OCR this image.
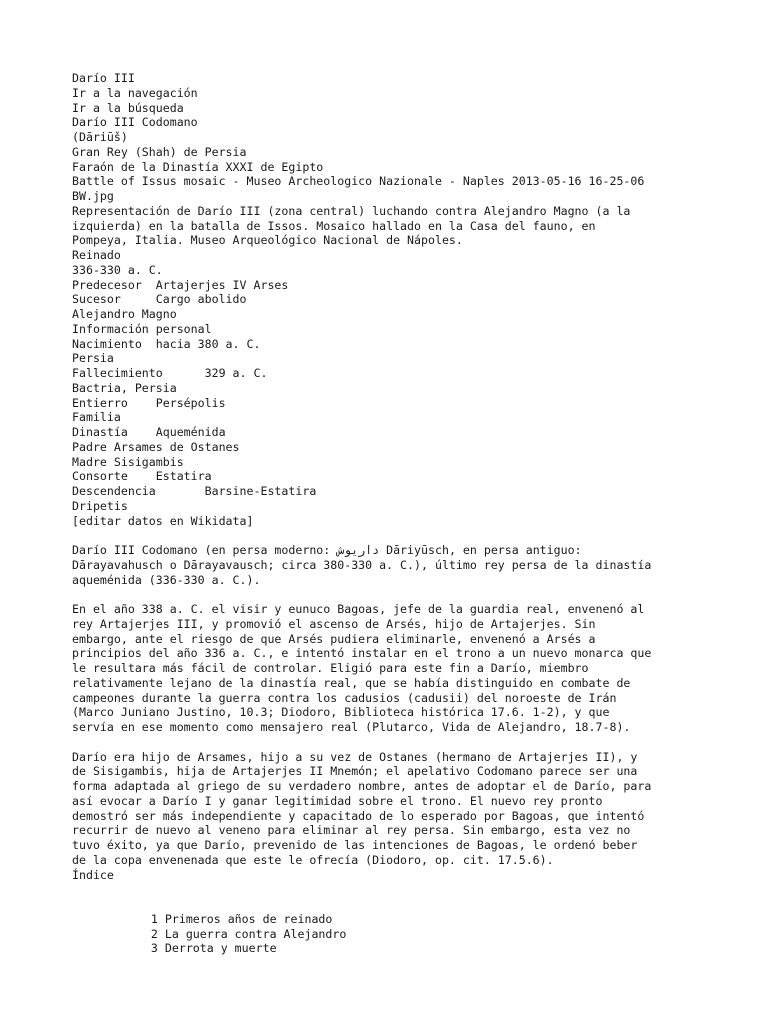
Darío III
Ir a la navegación
Ir a la búsqueda
Darío III Codomano
(Dāriūš)
Gran Rey (Shah) de Persia
Faraón de la Dinastía XXXI de Egipto
Battle of Issus mosaic - Museo Archeologico Nazionale - Naples 2013-05-16 16-25-06
BW.jpg
Representación de Darío III (zona central) luchando contra Alejandro Magno (a la
izquierda) en la batalla de Issos. Mosaico hallado en la Casa del fauno, en
Pompeya, Italia. Museo Arqueológico Nacional de Nápoles.
Reinado
336-330 a. C.
Predecesor  Artajerjes IV Arses
Sucesor     Cargo abolido
Alejandro Magno
Información personal
Nacimiento  hacia 380 a. C.
Persia
Fallecimiento      329 a. C.
Bactria, Persia
Entierro    Persépolis
Familia
Dinastía    Aqueménida
Padre Arsames de Ostanes
Madre Sisigambis
Consorte    Estatira
Descendencia       Barsine-Estatira
Dripetis
[editar datos en Wikidata]
Darío III Codomano (en persa moderno: داریوش Dāriyūsch, en persa antiguo:
Dārayavahusch o Dārayavausch; circa 380-330 a. C.), último rey persa de la dinastía
aqueménida (336-330 a. C.).
En el año 338 a. C. el visir y eunuco Bagoas, jefe de la guardia real, envenenó al
rey Artajerjes III, y promovió el ascenso de Arsés, hijo de Artajerjes. Sin
embargo, ante el riesgo de que Arsés pudiera eliminarle, envenenó a Arsés a
principios del año 336 a. C., e intentó instalar en el trono a un nuevo monarca que
le resultara más fácil de controlar. Eligió para este fin a Darío, miembro
relativamente lejano de la dinastía real, que se había distinguido en combate de
campeones durante la guerra contra los cadusios (cadusii) del noroeste de Irán
(Marco Juniano Justino, 10.3; Diodoro, Biblioteca histórica 17.6. 1-2), y que
servía en ese momento como mensajero real (Plutarco, Vida de Alejandro, 18.7-8).
Darío era hijo de Arsames, hijo a su vez de Ostanes (hermano de Artajerjes II), y
de Sisigambis, hija de Artajerjes II Mnemón; el apelativo Codomano parece ser una
forma adaptada al griego de su verdadero nombre, antes de adoptar el de Darío, para
así evocar a Darío I y ganar legitimidad sobre el trono. El nuevo rey pronto
demostró ser más independiente y capacitado de lo esperado por Bagoas, que intentó
recurrir de nuevo al veneno para eliminar al rey persa. Sin embargo, esta vez no
tuvo éxito, ya que Darío, prevenido de las intenciones de Bagoas, le ordenó beber
de la copa envenenada que este le ofrecía (Diodoro, op. cit. 17.5.6).
Índice

1 Primeros años de reinado

2 La guerra contra Alejandro

3 Derrota y muerte
